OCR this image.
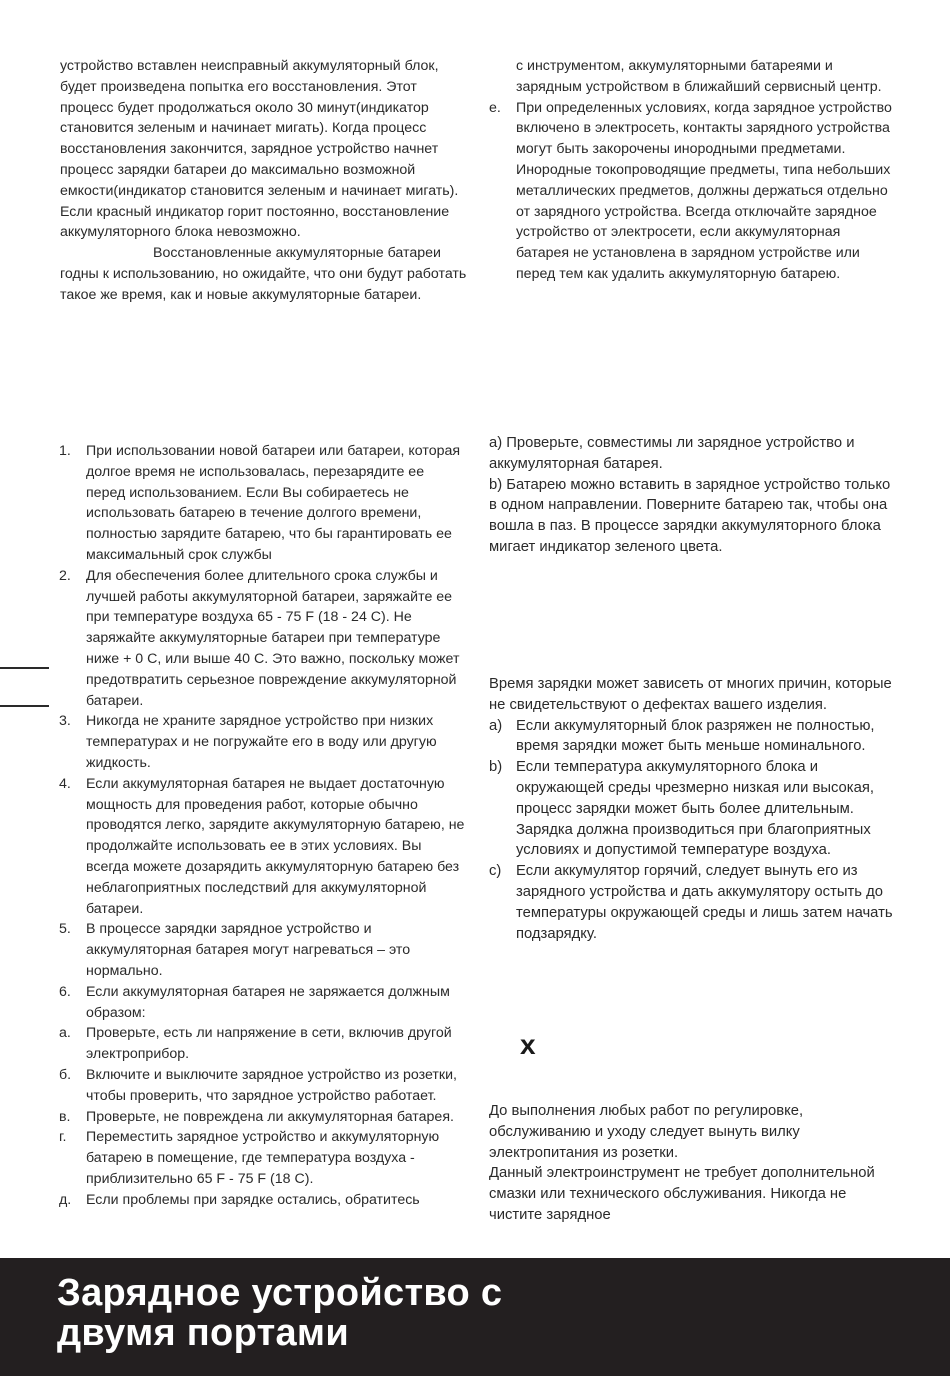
устройство вставлен неисправный аккумуляторный блок, будет произведена попытка его восстановления. Этот процесс будет продолжаться около 30 минут(индикатор становится зеленым и начинает мигать). Когда процесс восстановления закончится, зарядное устройство начнет процесс зарядки батареи до максимально возможной емкости(индикатор становится зеленым и начинает мигать). Если красный индикатор горит постоянно, восстановление аккумуляторного блока невозможно.

Восстановленные аккумуляторные батареи годны к использованию, но ожидайте, что они будут работать такое же время, как и новые аккумуляторные батареи.

с инструментом, аккумуляторными батареями и зарядным устройством в ближайший сервисный центр.

e.	При определенных условиях, когда зарядное устройство включено в электросеть, контакты зарядного устройства могут быть закорочены инородными предметами. Инородные токопроводящие предметы, типа небольших металлических предметов, должны держаться отдельно от зарядного устройства. Всегда отключайте зарядное устройство от электросети, если аккумуляторная батарея не установлена в зарядном устройстве или перед тем как удалить аккумуляторную батарею.
1.	При использовании новой батареи или батареи, которая долгое время не использовалась, перезарядите ее перед использованием. Если Вы собираетесь не использовать батарею в течение долгого времени, полностью зарядите батарею, что бы гарантировать ее максимальный срок службы
2.	Для обеспечения более длительного срока службы и лучшей работы аккумуляторной батареи, заряжайте ее при температуре воздуха 65 - 75 F (18 - 24 C). Не заряжайте аккумуляторные батареи при температуре ниже + 0 C, или выше 40 C. Это важно, поскольку может предотвратить серьезное повреждение аккумуляторной батареи.
3.	Никогда не храните зарядное устройство при низких температурах и не погружайте его в воду или другую жидкость.
4.	Если аккумуляторная батарея не выдает достаточную мощность для проведения работ, которые обычно проводятся легко, зарядите аккумуляторную батарею, не продолжайте использовать ее в этих условиях. Вы всегда можете дозарядить аккумуляторную батарею без неблагоприятных последствий для аккумуляторной батареи.
5.	В процессе зарядки зарядное устройство и аккумуляторная батарея могут нагреваться – это нормально.
6.	Если аккумуляторная батарея не заряжается должным образом:
a.	Проверьте, есть ли напряжение в сети, включив другой электроприбор.
б.	Включите и выключите зарядное устройство из розетки, чтобы проверить, что зарядное устройство работает.
в.	Проверьте, не повреждена ли аккумуляторная батарея.
г.	Переместить зарядное устройство и аккумуляторную батарею в помещение, где температура воздуха - приблизительно 65 F - 75 F (18 C).
д.	Если проблемы при зарядке остались, обратитесь

a) Проверьте, совместимы ли зарядное устройство и аккумуляторная батарея.

b) Батарею можно вставить в зарядное устройство только в одном направлении. Поверните батарею так, чтобы она вошла в паз. В процессе зарядки аккумуляторного блока мигает индикатор зеленого цвета.

Время зарядки может зависеть от многих причин, которые не свидетельствуют о дефектах вашего изделия.

a) Если аккумуляторный блок разряжен не полностью, время зарядки может быть меньше номинального.
b) Если температура аккумуляторного блока и окружающей среды чрезмерно низкая или высокая, процесс зарядки может быть более длительным. Зарядка должна производиться при благоприятных условиях и допустимой температуре воздуха.
c) Если аккумулятор горячий, следует вынуть его из зарядного устройства и дать аккумулятору остыть до температуры окружающей среды и лишь затем начать подзарядку.
x

До выполнения любых работ по регулировке, обслуживанию и уходу следует вынуть вилку электропитания из розетки.

Данный электроинструмент не требует дополнительной смазки или технического обслуживания. Никогда не чистите зарядное

Зарядное устройство с
двумя портами
